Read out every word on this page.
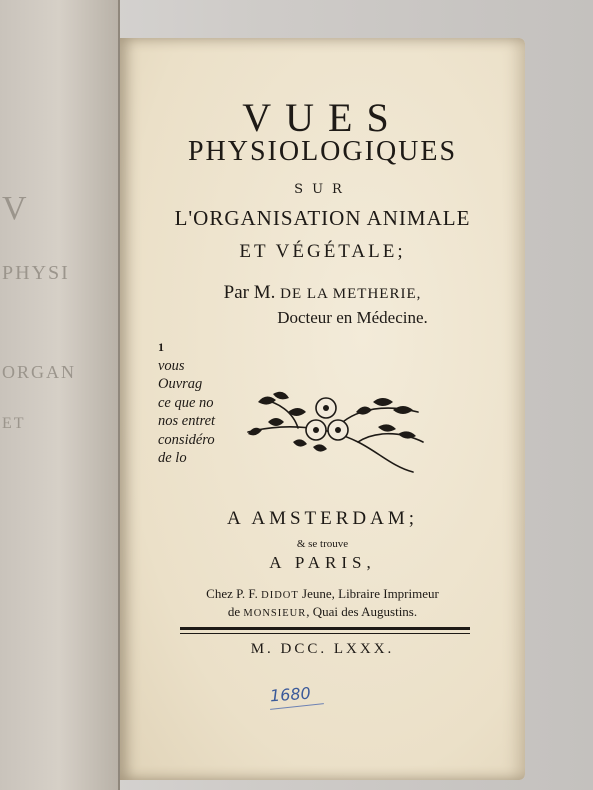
V
PHYSI
ORGAN
ET
VUES
PHYSIOLOGIQUES
SUR
L'ORGANISATION ANIMALE
ET VÉGÉTALE;
Par M. DE LA METHERIE,
Docteur en Médecine.
1
vous
Ouvrag
ce que no
nos entret
considéro
de lo
A AMSTERDAM;
& se trouve
A PARIS,
Chez P. F. DIDOT Jeune, Libraire Imprimeur
de MONSIEUR, Quai des Augustins.
M. DCC. LXXX.
1680
